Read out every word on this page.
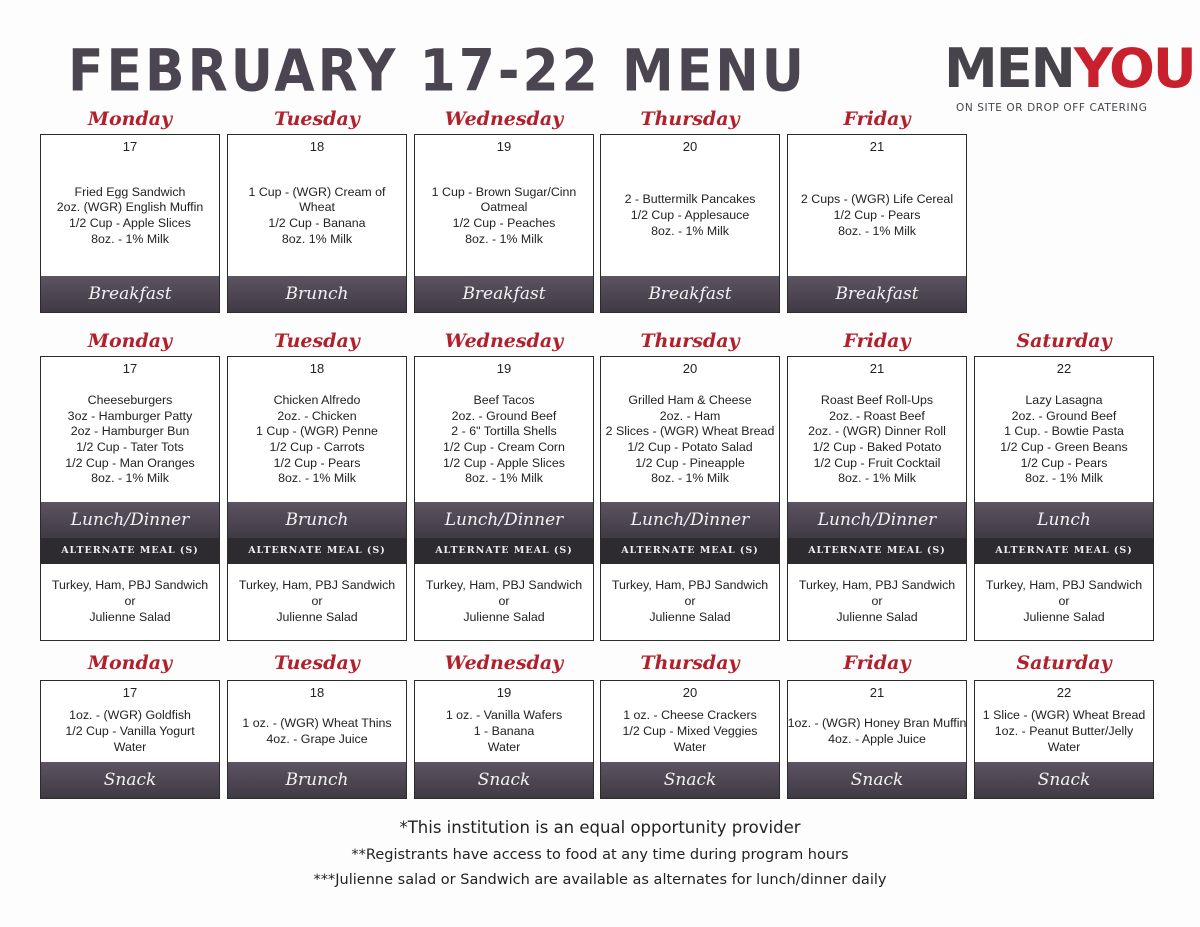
FEBRUARY 17-22 MENU	MENYOU
ON SITE OR DROP OFF CATERING
Monday
17
Fried Egg Sandwich
2oz. (WGR) English Muffin
1/2 Cup - Apple Slices
8oz. - 1% Milk
Breakfast
Tuesday
18
1 Cup - (WGR) Cream of
Wheat
1/2 Cup - Banana
8oz. 1% Milk
Brunch
Wednesday
19
1 Cup - Brown Sugar/Cinn
Oatmeal
1/2 Cup - Peaches
8oz. - 1% Milk
Breakfast
Thursday
20
2 - Buttermilk Pancakes
1/2 Cup - Applesauce
8oz. - 1% Milk
Breakfast
Friday
21
2 Cups - (WGR) Life Cereal
1/2 Cup - Pears
8oz. - 1% Milk
Breakfast
Monday
17
Cheeseburgers
3oz - Hamburger Patty
2oz - Hamburger Bun
1/2 Cup - Tater Tots
1/2 Cup - Man Oranges
8oz. - 1% Milk
Lunch/Dinner
ALTERNATE MEAL (S)
Turkey, Ham, PBJ Sandwich
or
Julienne Salad
Tuesday
18
Chicken Alfredo
2oz. - Chicken
1 Cup - (WGR) Penne
1/2 Cup - Carrots
1/2 Cup - Pears
8oz. - 1% Milk
Brunch
ALTERNATE MEAL (S)
Turkey, Ham, PBJ Sandwich
or
Julienne Salad
Wednesday
19
Beef Tacos
2oz. - Ground Beef
2 - 6" Tortilla Shells
1/2 Cup - Cream Corn
1/2 Cup - Apple Slices
8oz. - 1% Milk
Lunch/Dinner
ALTERNATE MEAL (S)
Turkey, Ham, PBJ Sandwich
or
Julienne Salad
Thursday
20
Grilled Ham & Cheese
2oz. - Ham
2 Slices - (WGR) Wheat Bread
1/2 Cup - Potato Salad
1/2 Cup - Pineapple
8oz. - 1% Milk
Lunch/Dinner
ALTERNATE MEAL (S)
Turkey, Ham, PBJ Sandwich
or
Julienne Salad
Friday
21
Roast Beef Roll-Ups
2oz. - Roast Beef
2oz. - (WGR) Dinner Roll
1/2 Cup - Baked Potato
1/2 Cup - Fruit Cocktail
8oz. - 1% Milk
Lunch/Dinner
ALTERNATE MEAL (S)
Turkey, Ham, PBJ Sandwich
or
Julienne Salad
Saturday
22
Lazy Lasagna
2oz. - Ground Beef
1 Cup. - Bowtie Pasta
1/2 Cup - Green Beans
1/2 Cup - Pears
8oz. - 1% Milk
Lunch
ALTERNATE MEAL (S)
Turkey, Ham, PBJ Sandwich
or
Julienne Salad
Monday
17
1oz. - (WGR) Goldfish
1/2 Cup - Vanilla Yogurt
Water
Snack
Tuesday
18
1 oz. - (WGR) Wheat Thins
4oz. - Grape Juice
Brunch
Wednesday
19
1 oz. - Vanilla Wafers
1 - Banana
Water
Snack
Thursday
20
1 oz. - Cheese Crackers
1/2 Cup - Mixed Veggies
Water
Snack
Friday
21
1oz. - (WGR) Honey Bran Muffin
4oz. - Apple Juice
Snack
Saturday
22
1 Slice - (WGR) Wheat Bread
1oz. - Peanut Butter/Jelly
Water
Snack
*This institution is an equal opportunity provider
**Registrants have access to food at any time during program hours
***Julienne salad or Sandwich are available as alternates for lunch/dinner daily
